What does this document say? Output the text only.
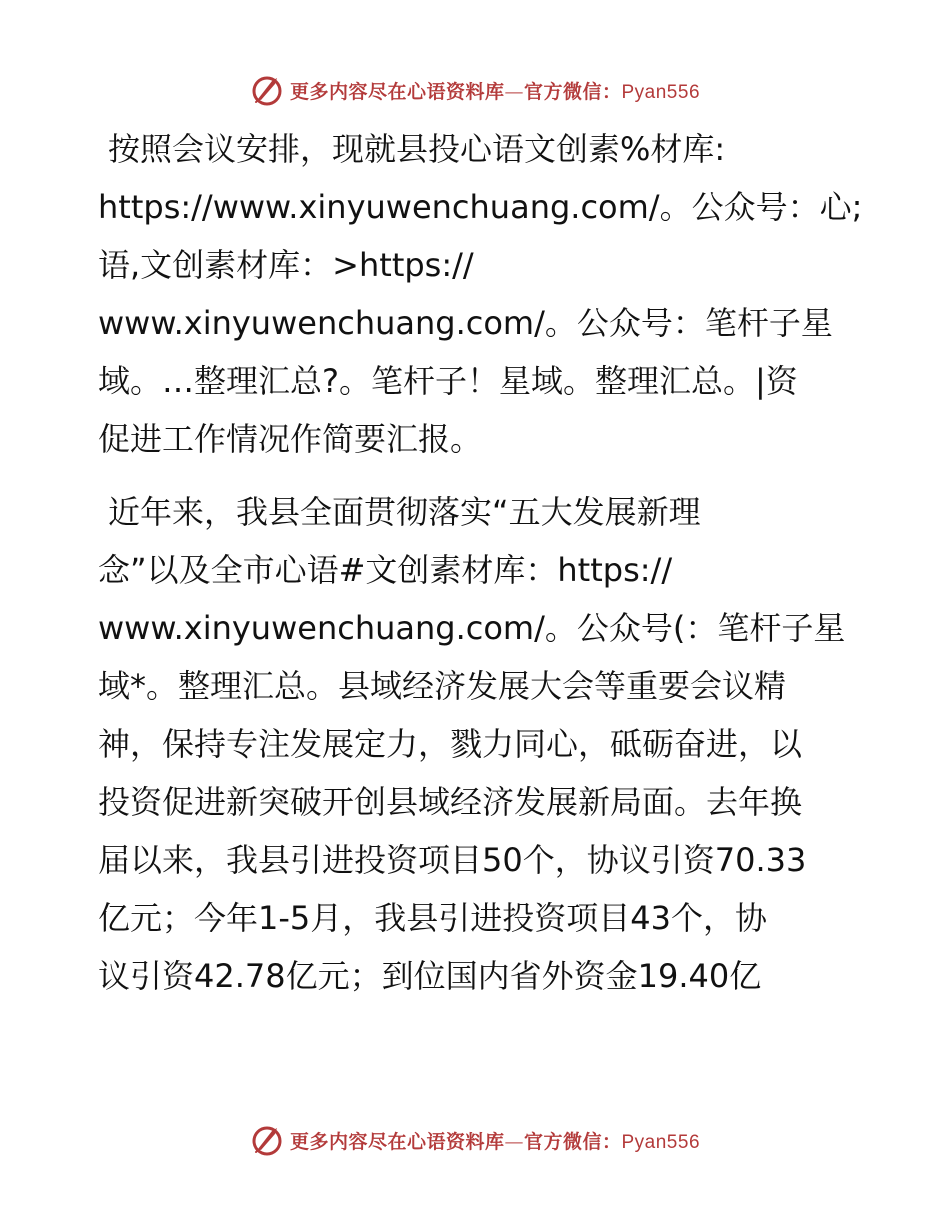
更多内容尽在心语资料库—官方微信：Pyan556
按照会议安排，现就县投心语文创素%材库:
https://www.xinyuwenchuang.com/。公众号：心;
语,文创素材库：>https://
www.xinyuwenchuang.com/。公众号：笔杆子星
域。…整理汇总?。笔杆子！星域。整理汇总。|资
促进工作情况作简要汇报。
近年来，我县全面贯彻落实“五大发展新理
念”以及全市心语#文创素材库：https://
www.xinyuwenchuang.com/。公众号(：笔杆子星
域*。整理汇总。县域经济发展大会等重要会议精
神，保持专注发展定力，戮力同心，砥砺奋进，以
投资促进新突破开创县域经济发展新局面。去年换
届以来，我县引进投资项目50个，协议引资70.33
亿元；今年1-5月，我县引进投资项目43个，协
议引资42.78亿元；到位国内省外资金19.40亿
更多内容尽在心语资料库—官方微信：Pyan556
